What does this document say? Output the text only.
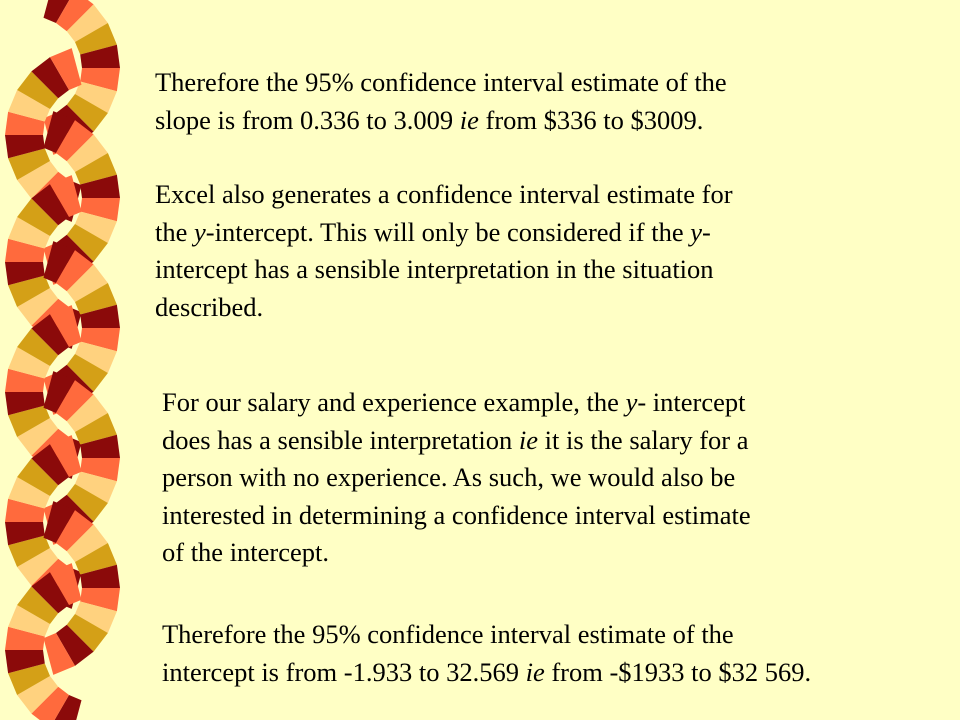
Therefore the 95% confidence interval estimate of the
slope is from 0.336 to 3.009 ie from $336 to $3009.
Excel also generates a confidence interval estimate for
the y-intercept. This will only be considered if the y-
intercept has a sensible interpretation in the situation
described.
For our salary and experience example, the y- intercept
does has a sensible interpretation ie it is the salary for a
person with no experience. As such, we would also be
interested in determining a confidence interval estimate
of the intercept.
Therefore the 95% confidence interval estimate of the
intercept is from -1.933 to 32.569 ie from -$1933 to $32 569.
